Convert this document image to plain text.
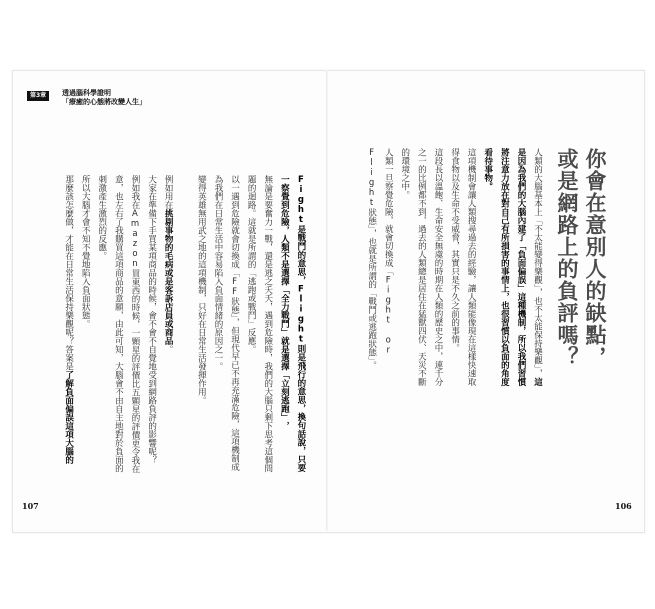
第3章	透過腦科學證明
「療癒的心態將改變人生」
你會在意別人的缺點，
或是網路上的負評嗎？
人類的大腦基本上「不太能變得樂觀」，也不太能保持樂觀」，這是因為我們的大腦內建了「負面偏誤」這種機制，所以我們習慣將注意力放在對自己有所損害的事情上，也很習慣以負面的角度看待事物。
這項機制會讓人類搜尋過去的經驗，讓人類能像現在這樣快速取得食物以及生命不受威脅，其實只是不久之前的事情。
這段長以溫飽、生命安全無虞的時期在人類的歷史之中，連千分之一的比例都不到，過去的人類總是居住在猛獸四伏、天災不斷的環境之中。
人類一旦察覺危險，就會切換成「Fight or Flight狀態」，也就是所謂的「戰鬥或逃跑狀態」。
Fight是戰鬥的意思，Flight則是飛行的意思，換句話說，只要一察覺到危險，人類不是選擇「全力戰鬥」就是選擇「立刻逃跑」，
無論是要奮力一戰，還是逃之夭夭，遇到危險時，我們的大腦只剩下思考這個問題的迴路。這就是所謂的「逃跑或戰鬥」反應。
以一遇到危險就會切換成「FF狀態」，但現代早已不再充滿危險，這項機制成為我們在日常生活中容易陷入負面情緒的原因之一。
變得英雄無用武之地的這項機制，只好在日常生活發揮作用。

例如用在挑剔事物的毛病或是客訴店員或商品。
大家在準備下手買某項商品的時候，會不會不自覺地受到網路負評的影響呢？
例如我在Amazon買東西的時候，一顆星的評價比五顆星的評價更令我在意，也左右了我購買這項商品的意願，由此可知，大腦會不由自主地對於負面的刺激產生激烈的反應。
所以大腦才會不知不覺地陷入負面狀態。
那麼該怎麼做，才能在日常生活保持樂觀呢？答案是了解負面偏誤這項大腦的
107	106
